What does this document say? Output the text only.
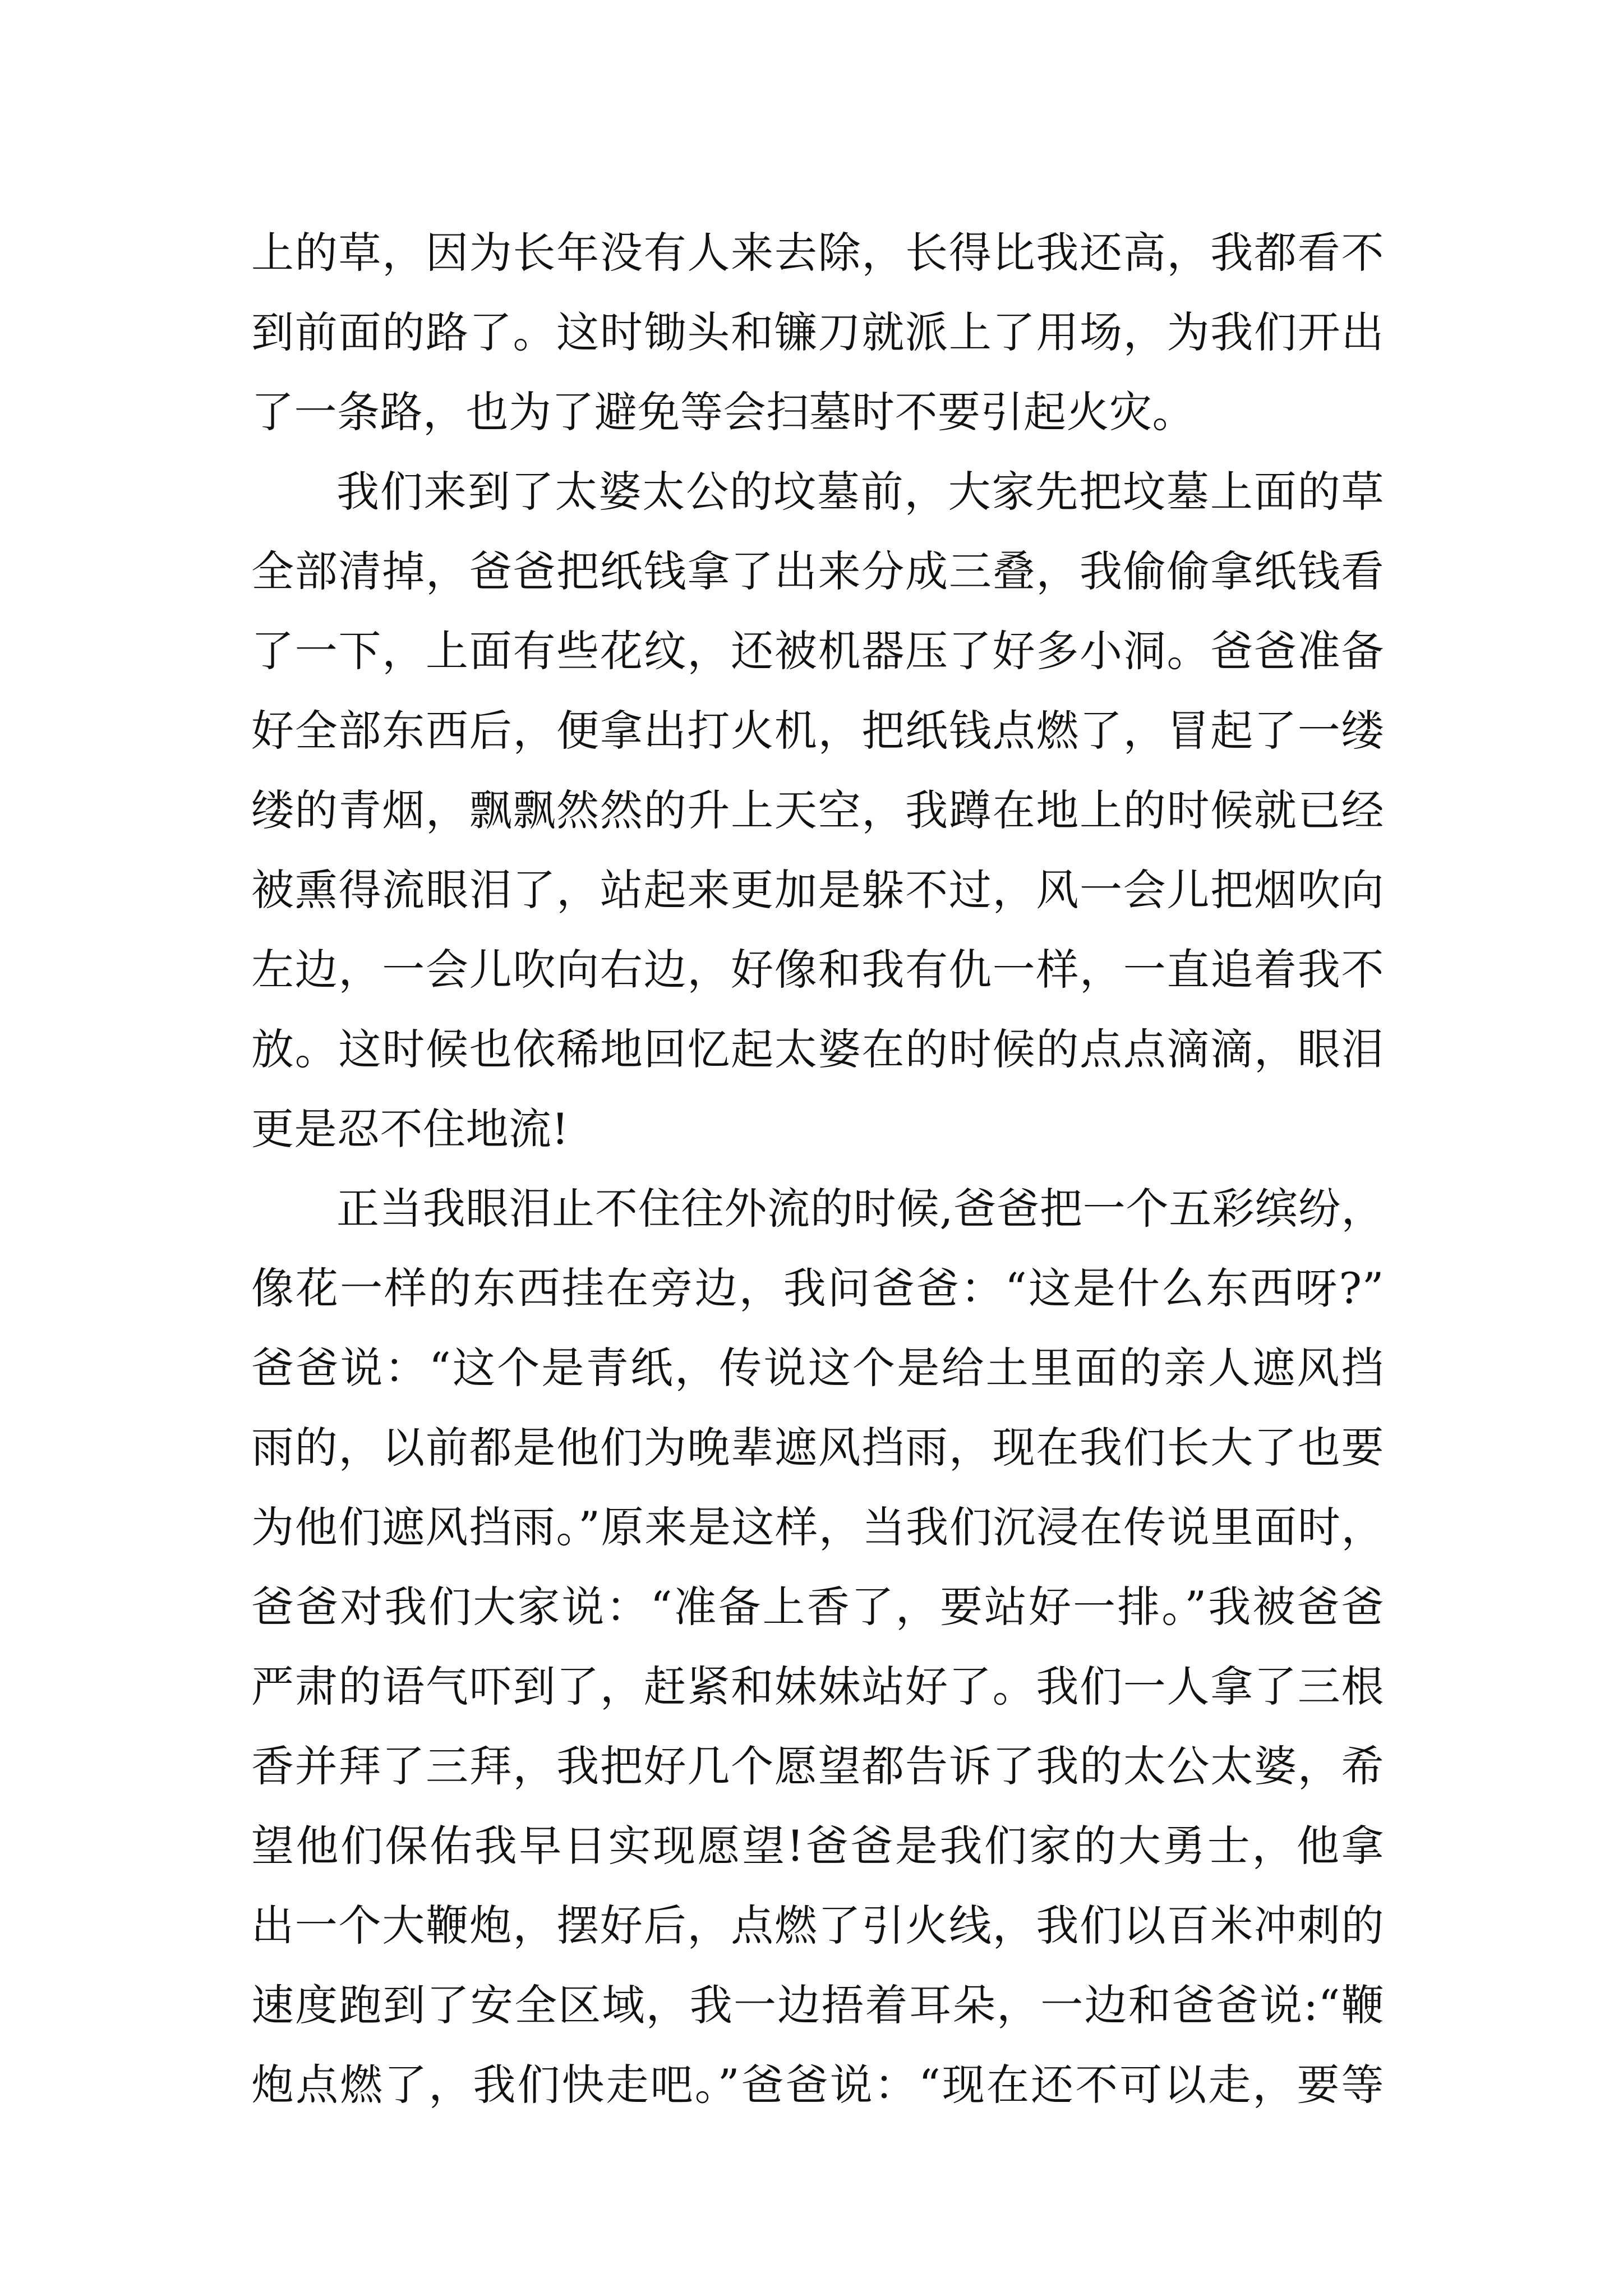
上的草，因为长年没有人来去除，长得比我还高，我都看不
到前面的路了。这时锄头和镰刀就派上了用场，为我们开出
了一条路，也为了避免等会扫墓时不要引起火灾。
我们来到了太婆太公的坟墓前，大家先把坟墓上面的草
全部清掉，爸爸把纸钱拿了出来分成三叠，我偷偷拿纸钱看
了一下，上面有些花纹，还被机器压了好多小洞。爸爸准备
好全部东西后，便拿出打火机，把纸钱点燃了，冒起了一缕
缕的青烟，飘飘然然的升上天空，我蹲在地上的时候就已经
被熏得流眼泪了，站起来更加是躲不过，风一会儿把烟吹向
左边，一会儿吹向右边，好像和我有仇一样，一直追着我不
放。这时候也依稀地回忆起太婆在的时候的点点滴滴，眼泪
更是忍不住地流!
正当我眼泪止不住往外流的时候,爸爸把一个五彩缤纷，
像花一样的东西挂在旁边，我问爸爸：“这是什么东西呀?”
爸爸说：“这个是青纸，传说这个是给土里面的亲人遮风挡
雨的，以前都是他们为晚辈遮风挡雨，现在我们长大了也要
为他们遮风挡雨。”原来是这样，当我们沉浸在传说里面时，
爸爸对我们大家说：“准备上香了，要站好一排。”我被爸爸
严肃的语气吓到了，赶紧和妹妹站好了。我们一人拿了三根
香并拜了三拜，我把好几个愿望都告诉了我的太公太婆，希
望他们保佑我早日实现愿望!爸爸是我们家的大勇士，他拿
出一个大鞭炮，摆好后，点燃了引火线，我们以百米冲刺的
速度跑到了安全区域，我一边捂着耳朵，一边和爸爸说:“鞭
炮点燃了，我们快走吧。”爸爸说：“现在还不可以走，要等
